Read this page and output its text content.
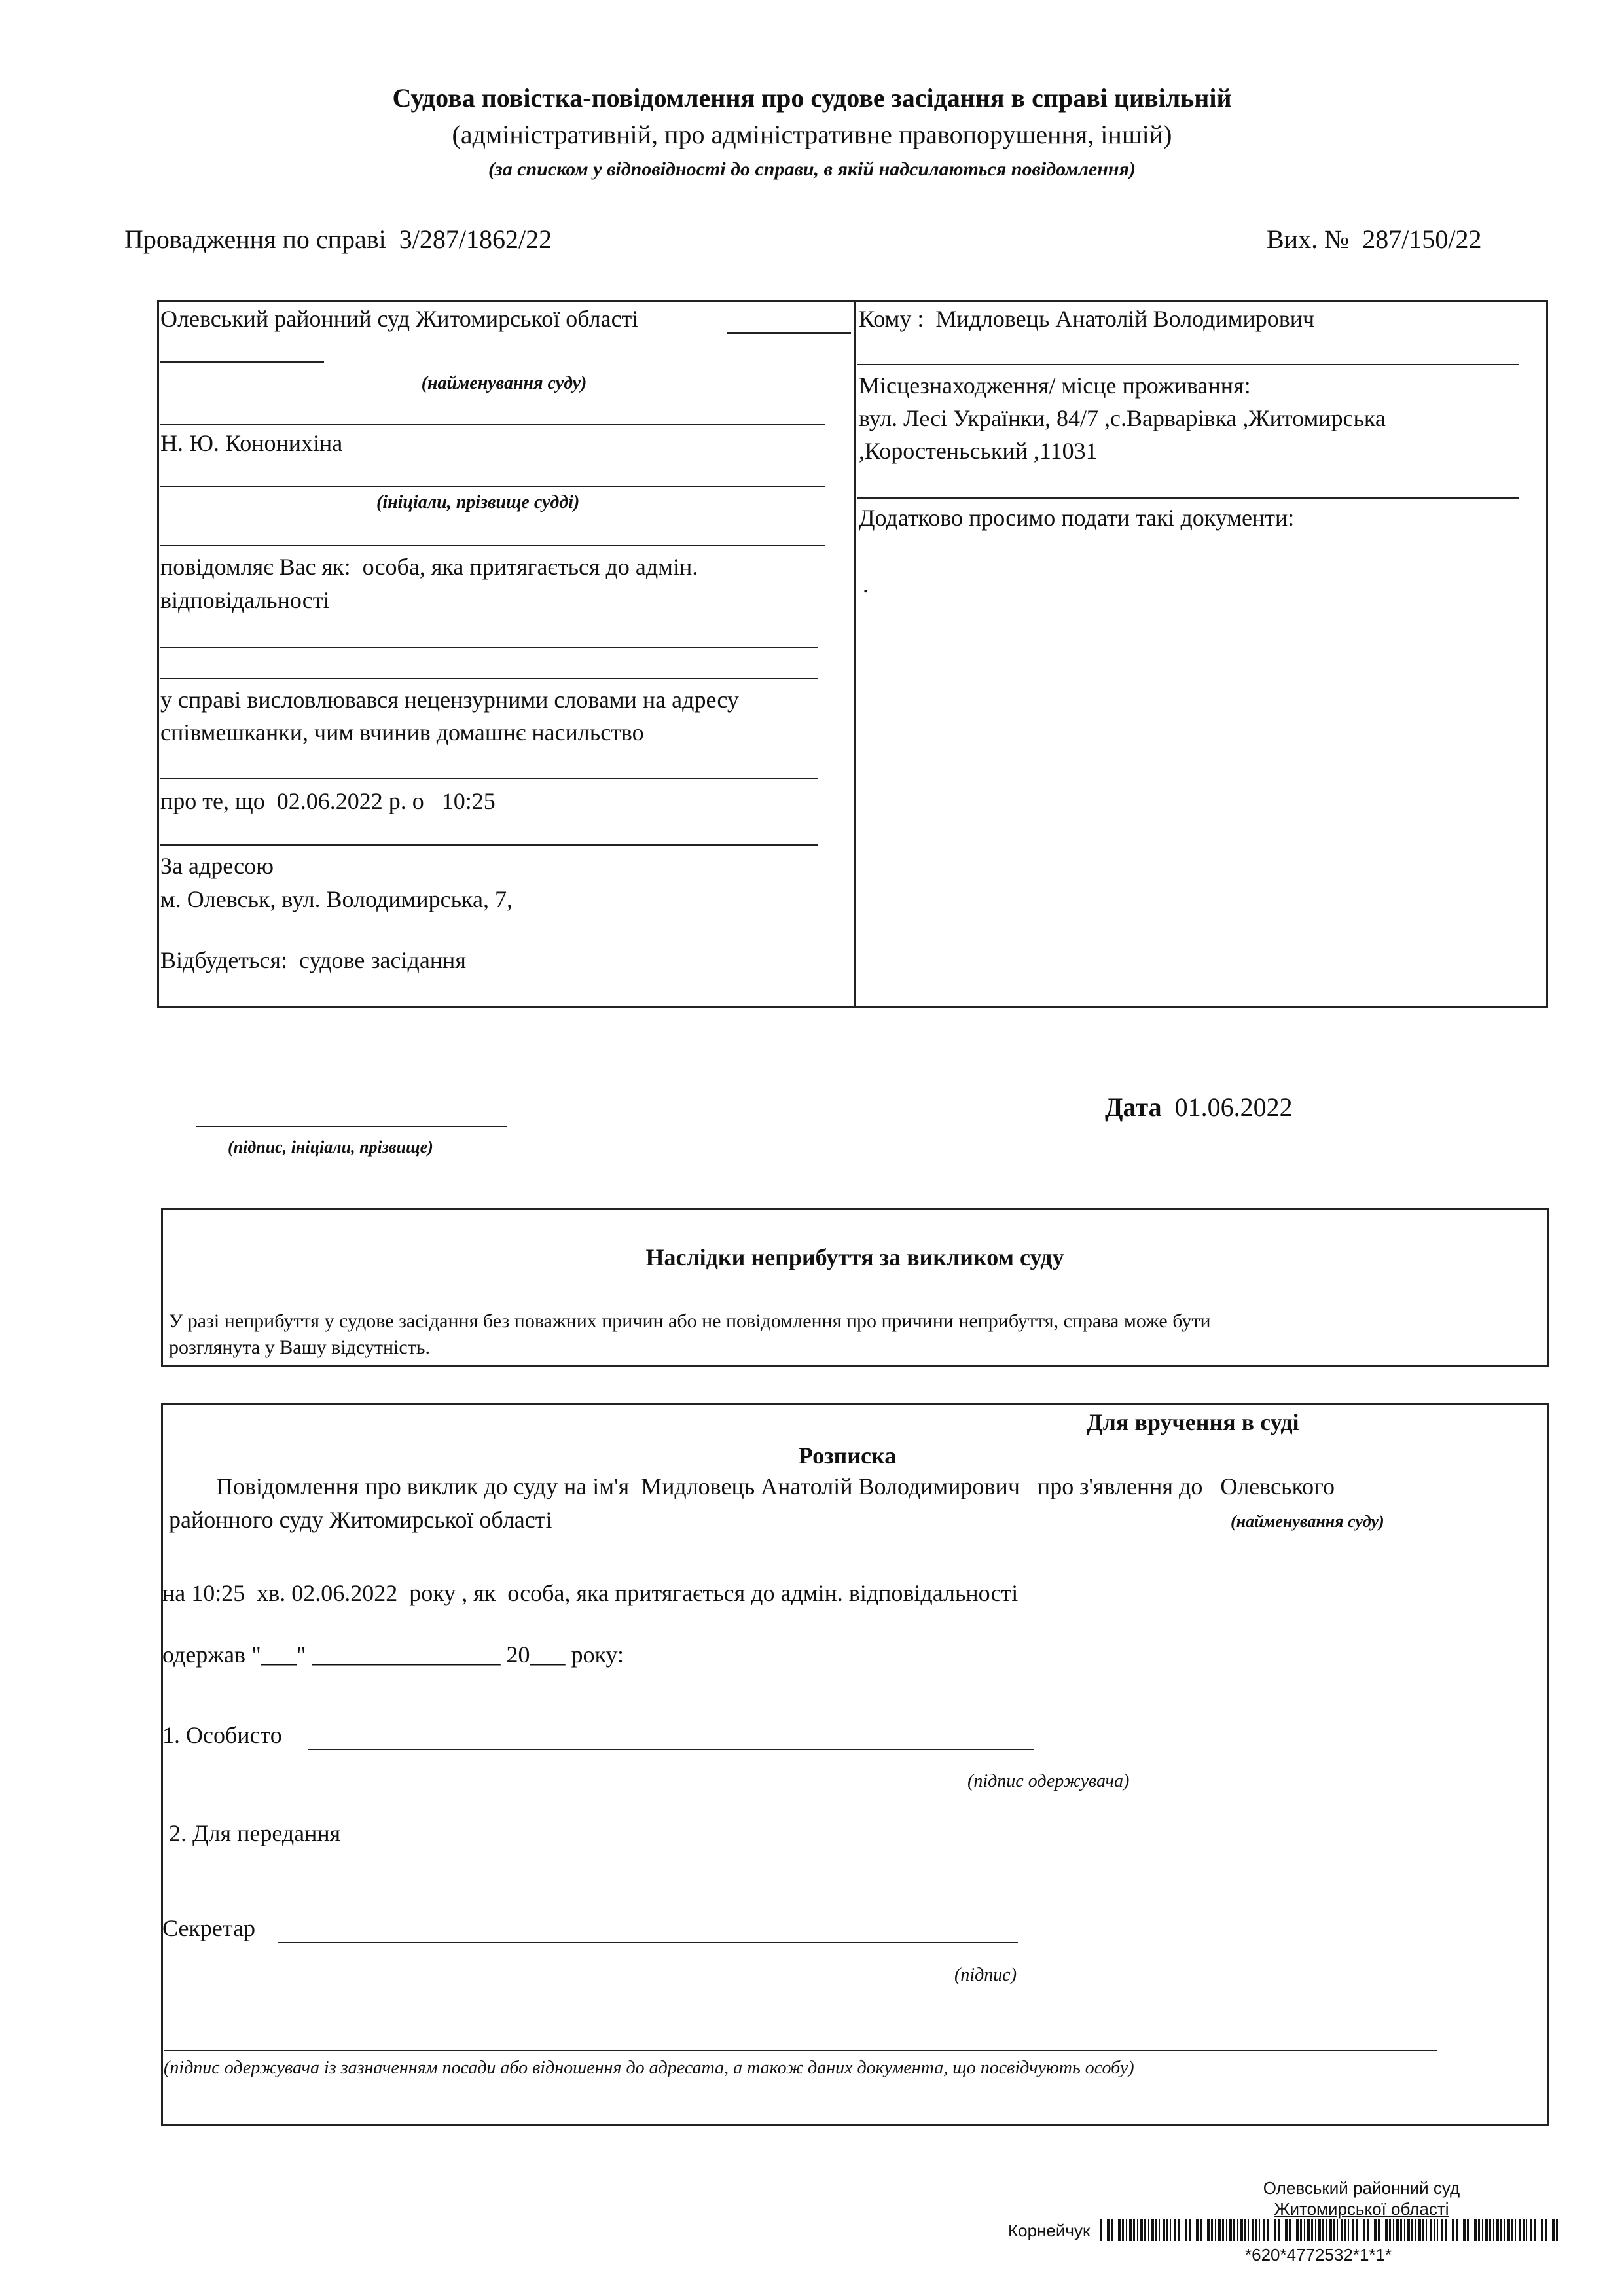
Судова повістка-повідомлення про судове засідання в справі цивільній
(адміністративній, про адміністративне правопорушення, іншій)
(за списком у відповідності до справи, в якій надсилаються повідомлення)
Провадження по справі 3/287/1862/22	Вих. № 287/150/22
Олевський районний суд Житомирської області
(найменування суду)
Н. Ю. Кононихіна
(ініціали, прізвище судді)
повідомляє Вас як: особа, яка притягається до адмін.
відповідальності
у справі висловлювався нецензурними словами на адресу
співмешканки, чим вчинив домашнє насильство
про те, що 02.06.2022 р. о 10:25
За адресою
м. Олевськ, вул. Володимирська, 7,
Відбудеться: судове засідання
Кому : Мидловець Анатолій Володимирович
Місцезнаходження/ місце проживання:
вул. Лесі Українки, 84/7 ,с.Варварівка ,Житомирська
,Коростеньський ,11031
Додатково просимо подати такі документи:
.
(підпис, ініціали, прізвище)
Дата 01.06.2022
Наслідки неприбуття за викликом суду
У разі неприбуття у судове засідання без поважних причин або не повідомлення про причини неприбуття, справа може бути
розглянута у Вашу відсутність.
Для вручення в суді
Розписка
Повідомлення про виклик до суду на ім'я Мидловець Анатолій Володимирович про з'явлення до Олевського
районного суду Житомирської області	(найменування суду)
на 10:25 хв. 02.06.2022 року , як особа, яка притягається до адмін. відповідальності
одержав "___" ________________ 20___ року:
1. Особисто
(підпис одержувача)
2. Для передання
Секретар
(підпис)
(підпис одержувача із зазначенням посади або відношення до адресата, а також даних документа, що посвідчують особу)
Олевський районний суд
Житомирської області
Корнейчук
*620*4772532*1*1*
